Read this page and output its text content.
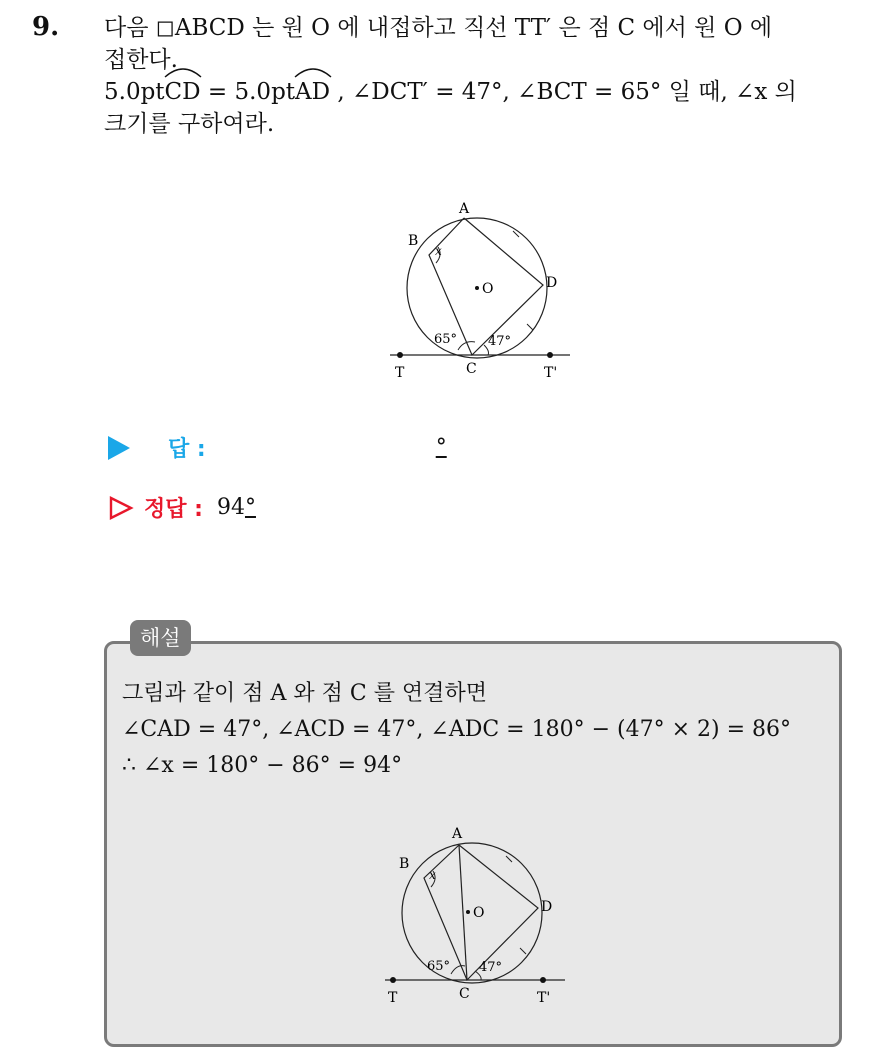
9. 다음 ◻ABCD 는 원 O 에 내접하고 직선 TT′ 은 점 C 에서 원 O 에

접한다.

5.0pt
CD = 5.0pt
AD , ∠DCT′ = 47°, ∠BCT = 65° 일 때, ∠x 의

크기를 구하여라.

A
B
x
O	D
65° 47°
T	C	T'
답 :	°
정답 : 94°
해설

그림과 같이 점 A 와 점 C 를 연결하면

∠CAD = 47°, ∠ACD = 47°, ∠ADC = 180° − (47° × 2) = 86°

∴ ∠x = 180° − 86° = 94°

A
B
x
O	D
65° 47°
T	C	T'
